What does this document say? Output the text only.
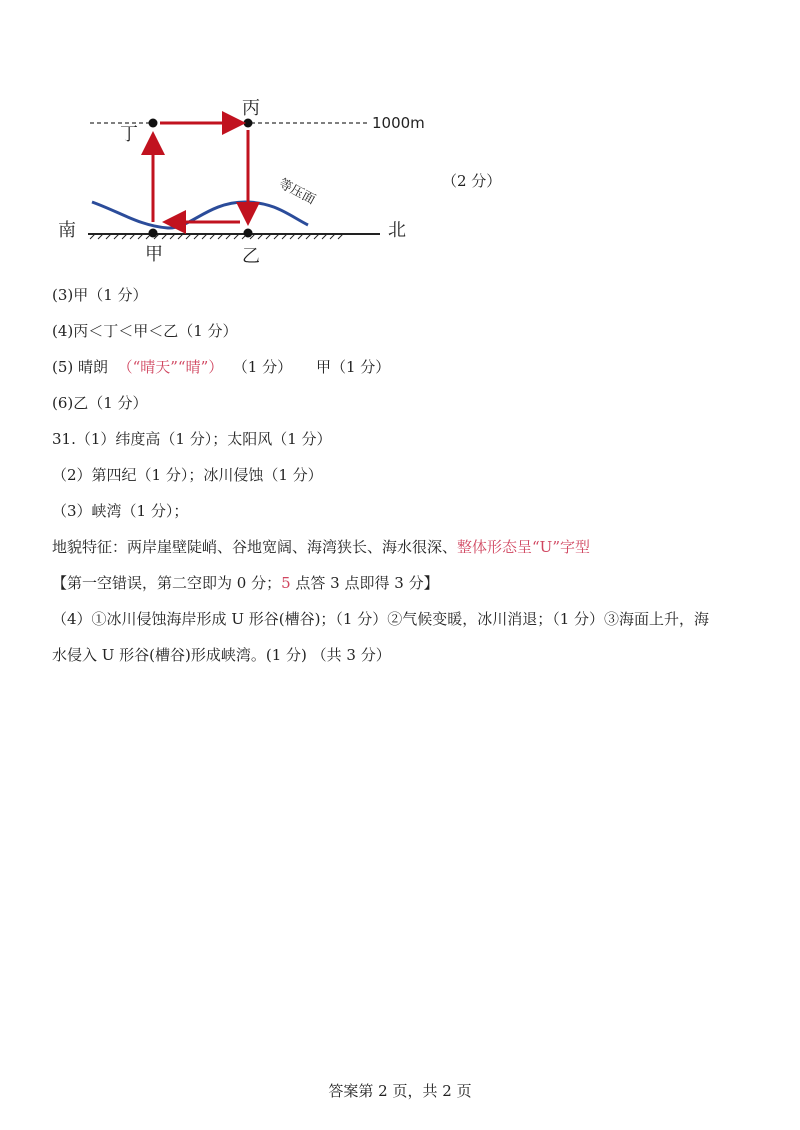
1000m
南	北
等压面
丁
丙
甲	乙
（2 分）
(3)甲（1 分）
(4)丙＜丁＜甲＜乙（1 分）
(5) 晴朗  （“晴天”“晴”）  （1 分）     甲（1 分）
(6)乙（1 分）
31.（1）纬度高（1 分）；太阳风（1 分）
（2）第四纪（1 分）；冰川侵蚀（1 分）
（3）峡湾（1 分）；
地貌特征：两岸崖壁陡峭、谷地宽阔、海湾狭长、海水很深、整体形态呈“U”字型
【第一空错误，第二空即为 0 分；5 点答 3 点即得 3 分】
（4）①冰川侵蚀海岸形成 U 形谷(槽谷)；（1 分）②气候变暖，冰川消退；（1 分）③海面上升，海
水侵入 U 形谷(槽谷)形成峡湾。(1 分) （共 3 分）
答案第 2 页，共 2 页
